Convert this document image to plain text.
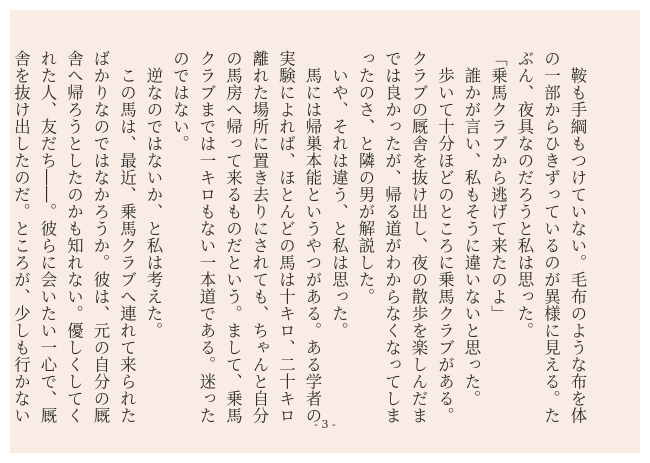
　鞍も手綱もつけていない。毛布のような布を体

の一部からひきずっているのが異様に見える。た

ぶん、夜具なのだろうと私は思った。

「乗馬クラブから逃げて来たのよ」

　誰かが言い、私もそうに違いないと思った。

　歩いて十分ほどのところに乗馬クラブがある。

クラブの厩舎を抜け出し、夜の散歩を楽しんだま

では良かったが、帰る道がわからなくなってしま

ったのさ、と隣の男が解説した。

　いや、それは違う、と私は思った。

　馬には帰巣本能というやつがある。ある学者の

実験によれば、ほとんどの馬は十キロ、二十キロ

離れた場所に置き去りにされても、ちゃんと自分

の馬房へ帰って来るものだという。まして、乗馬

クラブまでは一キロもない一本道である。迷った

のではない。

　逆なのではないか、と私は考えた。

　この馬は、最近、乗馬クラブへ連れて来られた

ばかりなのではなかろうか。彼は、元の自分の厩

舎へ帰ろうとしたのかも知れない。優しくしてく

れた人、友だち――。彼らに会いたい一心で、厩

舎を抜け出したのだ。ところが、少しも行かない

- 3 -
